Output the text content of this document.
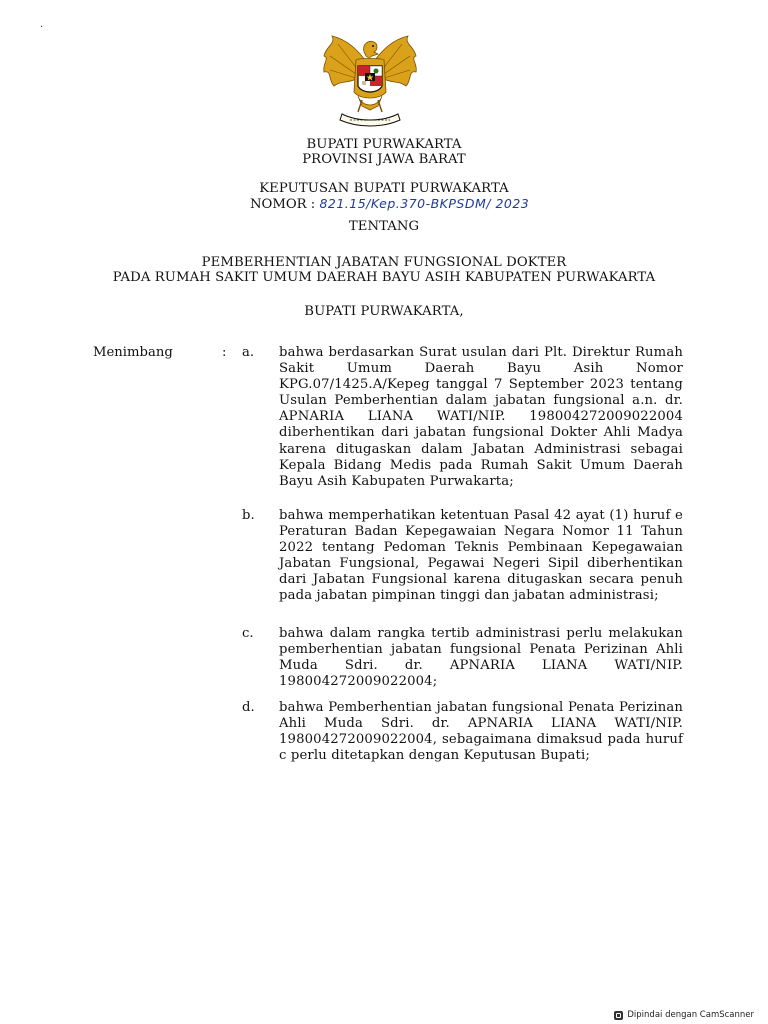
·
BUPATI PURWAKARTA
PROVINSI JAWA BARAT
KEPUTUSAN BUPATI PURWAKARTA
NOMOR : 821.15/Kep.370-BKPSDM/ 2023
TENTANG
PEMBERHENTIAN JABATAN FUNGSIONAL DOKTER
PADA RUMAH SAKIT UMUM DAERAH BAYU ASIH KABUPATEN PURWAKARTA
BUPATI PURWAKARTA,
Menimbang	: a. bahwa berdasarkan Surat usulan dari Plt. Direktur Rumah Sakit Umum Daerah Bayu Asih Nomor KPG.07/1425.A/Kepeg tanggal 7 September 2023 tentang Usulan Pemberhentian dalam jabatan fungsional a.n. dr. APNARIA LIANA WATI/NIP. 198004272009022004 diberhentikan dari jabatan fungsional Dokter Ahli Madya karena ditugaskan dalam Jabatan Administrasi sebagai Kepala Bidang Medis pada Rumah Sakit Umum Daerah Bayu Asih Kabupaten Purwakarta;
b. bahwa memperhatikan ketentuan Pasal 42 ayat (1) huruf e Peraturan Badan Kepegawaian Negara Nomor 11 Tahun 2022 tentang Pedoman Teknis Pembinaan Kepegawaian Jabatan Fungsional, Pegawai Negeri Sipil diberhentikan dari Jabatan Fungsional karena ditugaskan secara penuh pada jabatan pimpinan tinggi dan jabatan administrasi;
c. bahwa dalam rangka tertib administrasi perlu melakukan pemberhentian jabatan fungsional Penata Perizinan Ahli Muda Sdri. dr. APNARIA LIANA WATI/NIP. 198004272009022004;
d. bahwa Pemberhentian jabatan fungsional Penata Perizinan Ahli Muda Sdri. dr. APNARIA LIANA WATI/NIP. 198004272009022004, sebagaimana dimaksud pada huruf c perlu ditetapkan dengan Keputusan Bupati;
Dipindai dengan CamScanner
